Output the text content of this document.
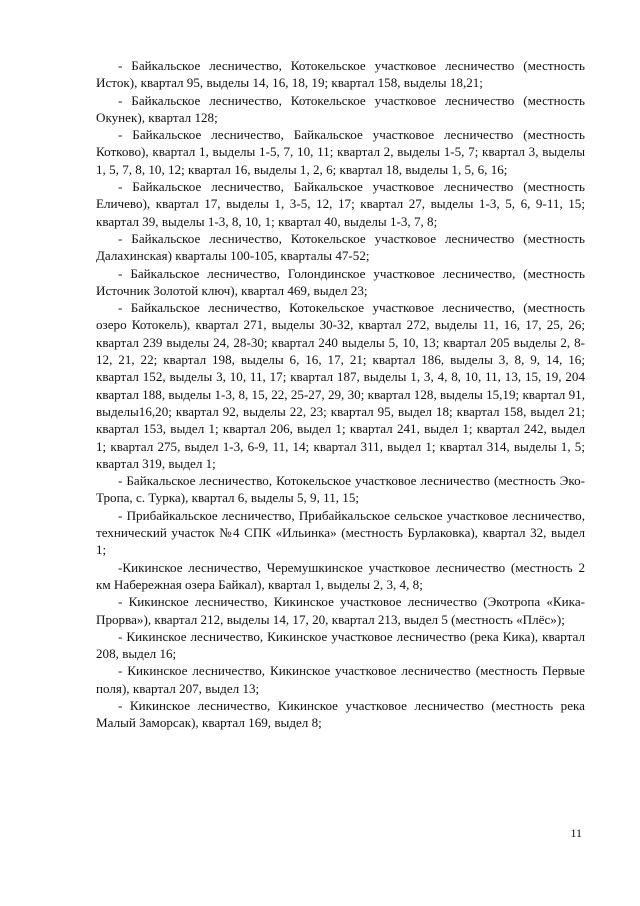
- Байкальское лесничество, Котокельское участковое лесничество (местность Исток), квартал 95, выделы 14, 16, 18, 19; квартал 158, выделы 18,21;

- Байкальское лесничество, Котокельское участковое лесничество (местность Окунек), квартал 128;

- Байкальское лесничество, Байкальское участковое лесничество (местность Котково), квартал 1, выделы 1-5, 7, 10, 11; квартал 2, выделы 1-5, 7; квартал 3, выделы 1, 5, 7, 8, 10, 12; квартал 16, выделы 1, 2, 6; квартал 18, выделы 1, 5, 6, 16;

- Байкальское лесничество, Байкальское участковое лесничество (местность Еличево), квартал 17, выделы 1, 3-5, 12, 17; квартал 27, выделы 1-3, 5, 6, 9-11, 15; квартал 39, выделы 1-3, 8, 10, 1; квартал 40, выделы 1-3, 7, 8;

- Байкальское лесничество, Котокельское участковое лесничество (местность Далахинская) кварталы 100-105, кварталы 47-52;

- Байкальское лесничество, Голондинское участковое лесничество, (местность Источник Золотой ключ), квартал 469, выдел 23;

- Байкальское лесничество, Котокельское участковое лесничество, (местность озеро Котокель), квартал 271, выделы 30-32, квартал 272, выделы 11, 16, 17, 25, 26; квартал 239 выделы 24, 28-30; квартал 240 выделы 5, 10, 13; квартал 205 выделы 2, 8-12, 21, 22; квартал 198, выделы 6, 16, 17, 21; квартал 186, выделы 3, 8, 9, 14, 16; квартал 152, выделы 3, 10, 11, 17; квартал 187, выделы 1, 3, 4, 8, 10, 11, 13, 15, 19, 204 квартал 188, выделы 1-3, 8, 15, 22, 25-27, 29, 30; квартал 128, выделы 15,19; квартал 91, выделы16,20; квартал 92, выделы 22, 23; квартал 95, выдел 18; квартал 158, выдел 21; квартал 153, выдел 1; квартал 206, выдел 1; квартал 241, выдел 1; квартал 242, выдел 1; квартал 275, выдел 1-3, 6-9, 11, 14; квартал 311, выдел 1; квартал 314, выделы 1, 5; квартал 319, выдел 1;

- Байкальское лесничество, Котокельское участковое лесничество (местность Эко-Тропа, с. Турка), квартал 6, выделы 5, 9, 11, 15;

- Прибайкальское лесничество, Прибайкальское сельское участковое лесничество, технический участок №4 СПК «Ильинка» (местность Бурлаковка), квартал 32, выдел 1;

-Кикинское лесничество, Черемушкинское участковое лесничество (местность 2 км Набережная озера Байкал), квартал 1, выделы 2, 3, 4, 8;

- Кикинское лесничество, Кикинское участковое лесничество (Экотропа «Кика-Прорва»), квартал 212, выделы 14, 17, 20, квартал 213, выдел 5 (местность «Плёс»);

- Кикинское лесничество, Кикинское участковое лесничество (река Кика), квартал 208, выдел 16;

- Кикинское лесничество, Кикинское участковое лесничество (местность Первые поля), квартал 207, выдел 13;

- Кикинское лесничество, Кикинское участковое лесничество (местность река Малый Заморсак), квартал 169, выдел 8;

11
